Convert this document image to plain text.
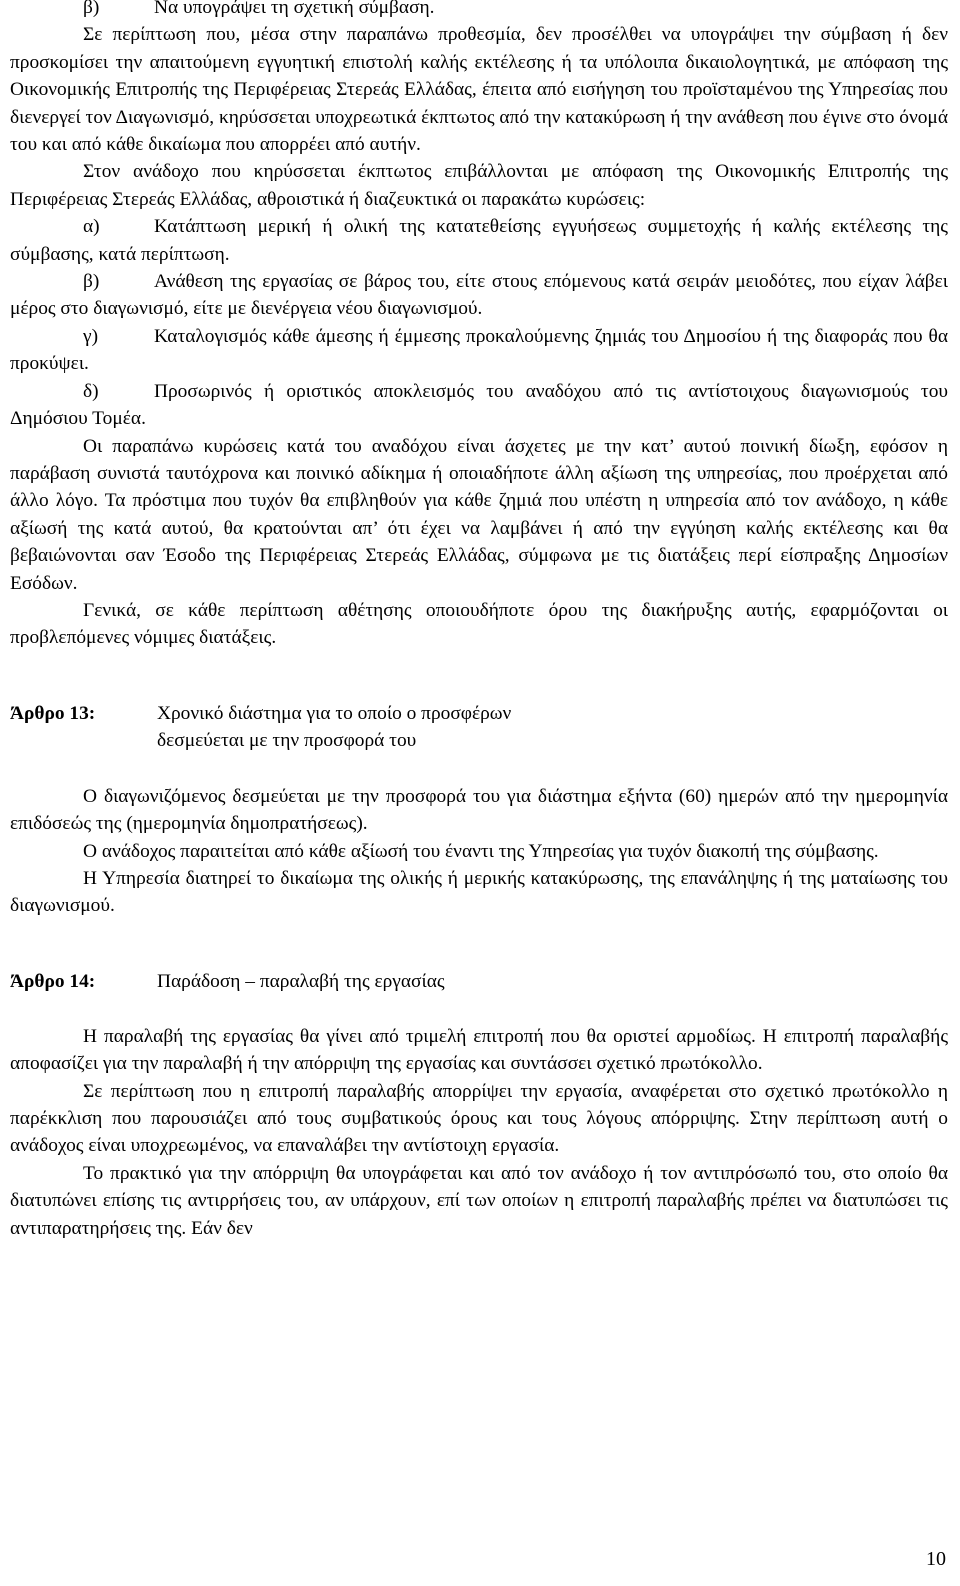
β)	Να υπογράψει τη σχετική σύμβαση.

Σε περίπτωση που, μέσα στην παραπάνω προθεσμία, δεν προσέλθει να υπογράψει την σύμβαση ή δεν προσκομίσει την απαιτούμενη εγγυητική επιστολή καλής εκτέλεσης ή τα υπόλοιπα δικαιολογητικά, με απόφαση της Οικονομικής Επιτροπής της Περιφέρειας Στερεάς Ελλάδας, έπειτα από εισήγηση του προϊσταμένου της Υπηρεσίας που διενεργεί τον Διαγωνισμό, κηρύσσεται υποχρεωτικά έκπτωτος από την κατακύρωση ή την ανάθεση που έγινε στο όνομά του και από κάθε δικαίωμα που απορρέει από αυτήν.

Στον ανάδοχο που κηρύσσεται έκπτωτος επιβάλλονται με απόφαση της Οικονομικής Επιτροπής της Περιφέρειας Στερεάς Ελλάδας, αθροιστικά ή διαζευκτικά οι παρακάτω κυρώσεις:

α)	Κατάπτωση μερική ή ολική της κατατεθείσης εγγυήσεως συμμετοχής ή καλής εκτέλεσης της σύμβασης, κατά περίπτωση.

β)	Ανάθεση της εργασίας σε βάρος του, είτε στους επόμενους κατά σειράν μειοδότες, που είχαν λάβει μέρος στο διαγωνισμό, είτε με διενέργεια νέου διαγωνισμού.

γ)	Καταλογισμός κάθε άμεσης ή έμμεσης προκαλούμενης ζημιάς του Δημοσίου ή της διαφοράς που θα προκύψει.

δ)	Προσωρινός ή οριστικός αποκλεισμός του αναδόχου από τις αντίστοιχους διαγωνισμούς του Δημόσιου Τομέα.

Οι παραπάνω κυρώσεις κατά του αναδόχου είναι άσχετες με την κατ’ αυτού ποινική δίωξη, εφόσον η παράβαση συνιστά ταυτόχρονα και ποινικό αδίκημα ή οποιαδήποτε άλλη αξίωση της υπηρεσίας, που προέρχεται από άλλο λόγο. Τα πρόστιμα που τυχόν θα επιβληθούν για κάθε ζημιά που υπέστη η υπηρεσία από τον ανάδοχο, η κάθε αξίωσή της κατά αυτού, θα κρατούνται απ’ ότι έχει να λαμβάνει ή από την εγγύηση καλής εκτέλεσης και θα βεβαιώνονται σαν Έσοδο της Περιφέρειας Στερεάς Ελλάδας, σύμφωνα με τις διατάξεις περί είσπραξης Δημοσίων Εσόδων.

Γενικά, σε κάθε περίπτωση αθέτησης οποιουδήποτε όρου της διακήρυξης αυτής, εφαρμόζονται οι προβλεπόμενες νόμιμες διατάξεις.

Άρθρο 13:	Χρονικό διάστημα για το οποίο ο προσφέρων
δεσμεύεται με την προσφορά του

Ο διαγωνιζόμενος δεσμεύεται με την προσφορά του για διάστημα εξήντα (60) ημερών από την ημερομηνία επιδόσεώς της (ημερομηνία δημοπρατήσεως).

Ο ανάδοχος παραιτείται από κάθε αξίωσή του έναντι της Υπηρεσίας για τυχόν διακοπή της σύμβασης.

Η Υπηρεσία διατηρεί το δικαίωμα της ολικής ή μερικής κατακύρωσης, της επανάληψης ή της ματαίωσης του διαγωνισμού.

Άρθρο 14:	Παράδοση – παραλαβή της εργασίας

Η παραλαβή της εργασίας θα γίνει από τριμελή επιτροπή που θα οριστεί αρμοδίως. Η επιτροπή παραλαβής αποφασίζει για την παραλαβή ή την απόρριψη της εργασίας και συντάσσει σχετικό πρωτόκολλο.

Σε περίπτωση που η επιτροπή παραλαβής απορρίψει την εργασία, αναφέρεται στο σχετικό πρωτόκολλο η παρέκκλιση που παρουσιάζει από τους συμβατικούς όρους και τους λόγους απόρριψης. Στην περίπτωση αυτή ο ανάδοχος είναι υποχρεωμένος, να επαναλάβει την αντίστοιχη εργασία.

Το πρακτικό για την απόρριψη θα υπογράφεται και από τον ανάδοχο ή τον αντιπρόσωπό του, στο οποίο θα διατυπώνει επίσης τις αντιρρήσεις του, αν υπάρχουν, επί των οποίων η επιτροπή παραλαβής πρέπει να διατυπώσει τις αντιπαρατηρήσεις της. Εάν δεν

10
